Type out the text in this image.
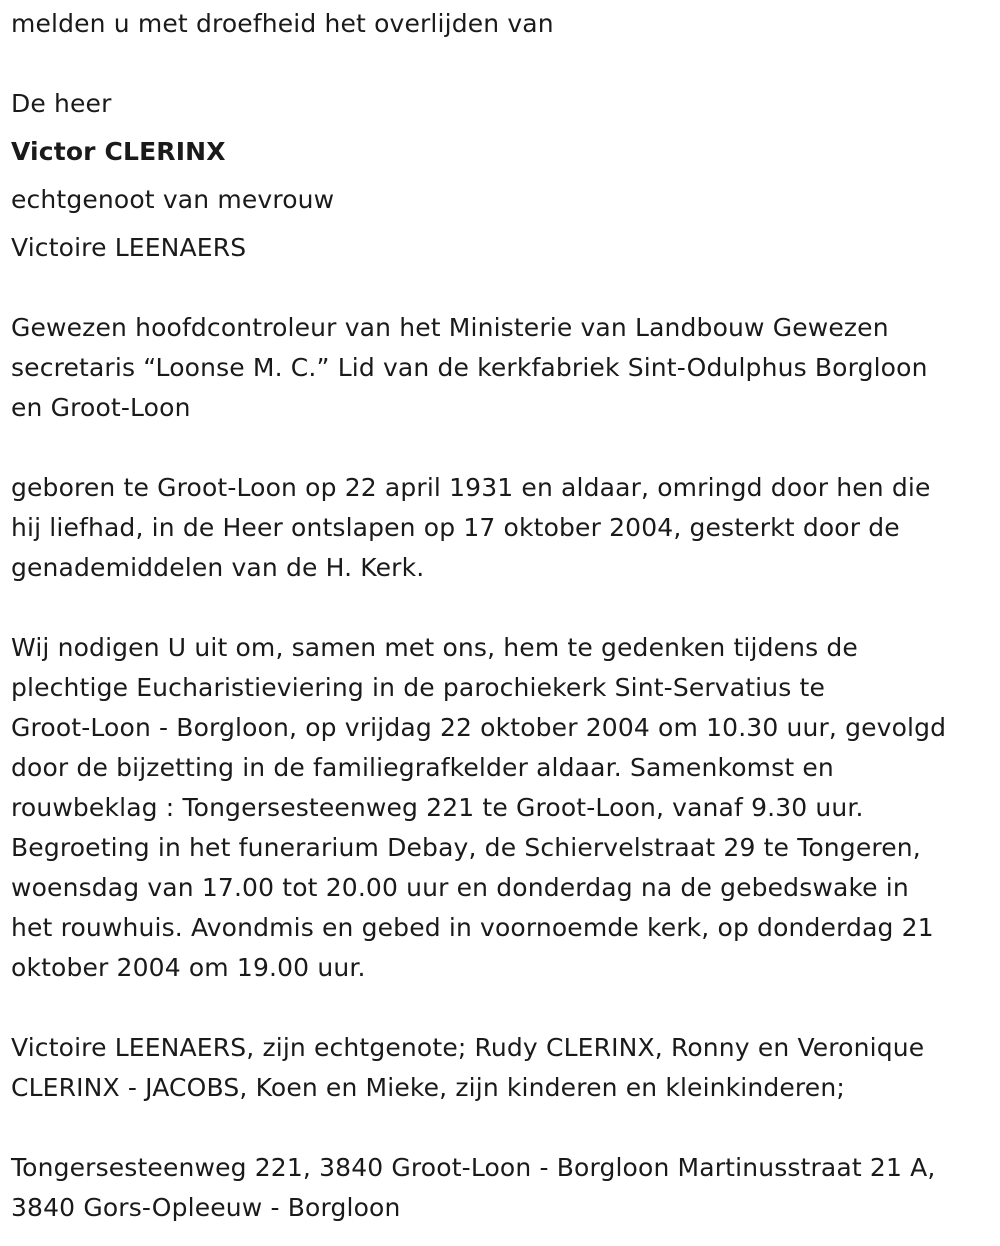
melden u met droefheid het overlijden van

De heer

Victor CLERINX

echtgenoot van mevrouw

Victoire LEENAERS

Gewezen hoofdcontroleur van het Ministerie van Landbouw Gewezen
secretaris “Loonse M. C.” Lid van de kerkfabriek Sint-Odulphus Borgloon
en Groot-Loon
geboren te Groot-Loon op 22 april 1931 en aldaar, omringd door hen die
hij liefhad, in de Heer ontslapen op 17 oktober 2004, gesterkt door de
genademiddelen van de H. Kerk.
Wij nodigen U uit om, samen met ons, hem te gedenken tijdens de
plechtige Eucharistieviering in de parochiekerk Sint-Servatius te
Groot-Loon - Borgloon, op vrijdag 22 oktober 2004 om 10.30 uur, gevolgd
door de bijzetting in de familiegrafkelder aldaar. Samenkomst en
rouwbeklag : Tongersesteenweg 221 te Groot-Loon, vanaf 9.30 uur.
Begroeting in het funerarium Debay, de Schiervelstraat 29 te Tongeren,
woensdag van 17.00 tot 20.00 uur en donderdag na de gebedswake in
het rouwhuis. Avondmis en gebed in voornoemde kerk, op donderdag 21
oktober 2004 om 19.00 uur.
Victoire LEENAERS, zijn echtgenote; Rudy CLERINX, Ronny en Veronique
CLERINX - JACOBS, Koen en Mieke, zijn kinderen en kleinkinderen;
Tongersesteenweg 221, 3840 Groot-Loon - Borgloon Martinusstraat 21 A,
3840 Gors-Opleeuw - Borgloon
